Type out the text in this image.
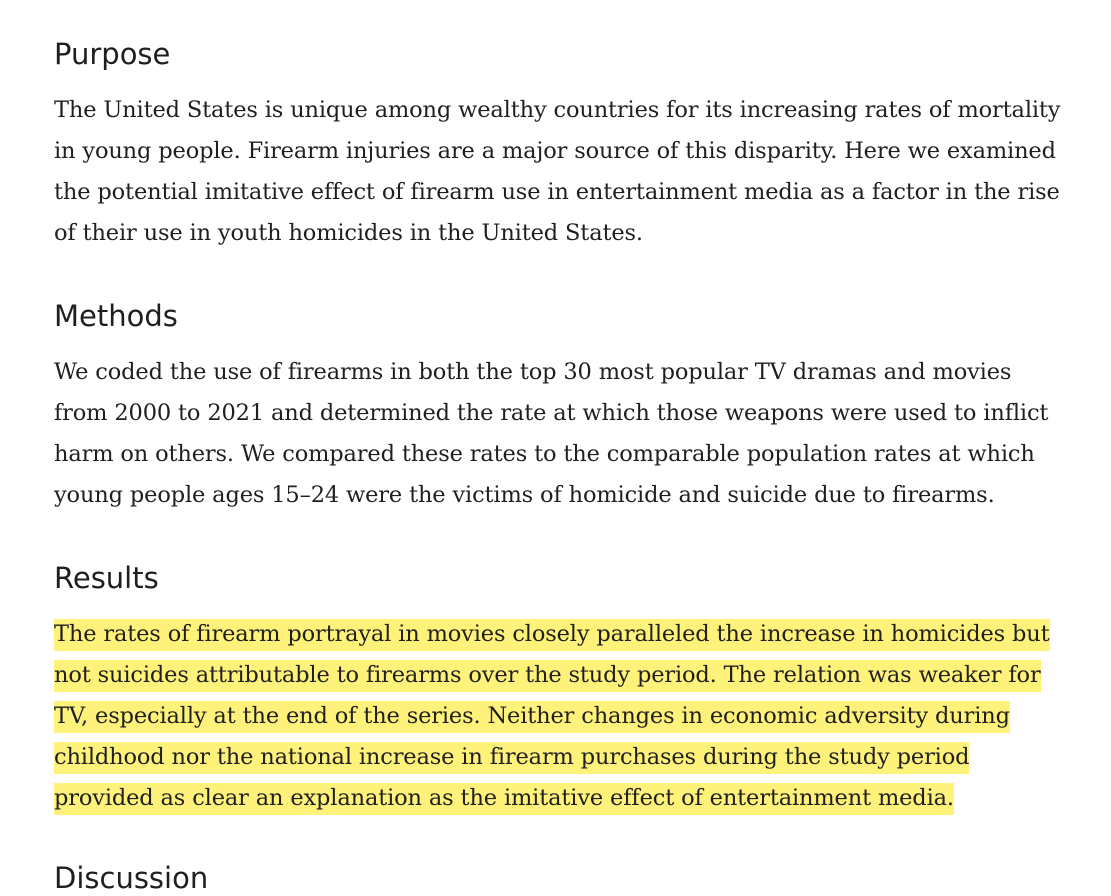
Purpose

The United States is unique among wealthy countries for its increasing rates of mortality
in young people. Firearm injuries are a major source of this disparity. Here we examined
the potential imitative effect of firearm use in entertainment media as a factor in the rise
of their use in youth homicides in the United States.

Methods

We coded the use of firearms in both the top 30 most popular TV dramas and movies
from 2000 to 2021 and determined the rate at which those weapons were used to inflict
harm on others. We compared these rates to the comparable population rates at which
young people ages 15–24 were the victims of homicide and suicide due to firearms.

Results

The rates of firearm portrayal in movies closely paralleled the increase in homicides but
not suicides attributable to firearms over the study period. The relation was weaker for
TV, especially at the end of the series. Neither changes in economic adversity during
childhood nor the national increase in firearm purchases during the study period
provided as clear an explanation as the imitative effect of entertainment media.

Discussion
